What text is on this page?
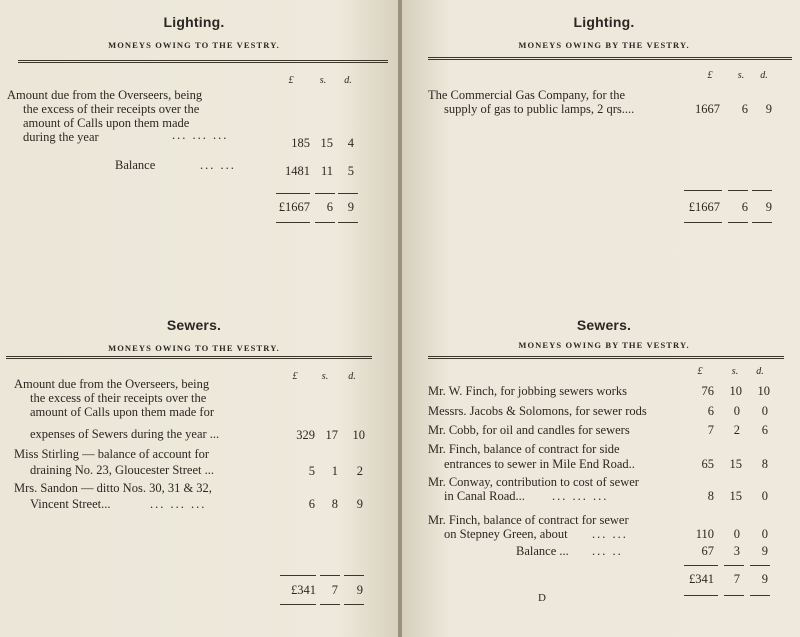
Lighting.
MONEYS OWING TO THE VESTRY.
£	s.	d.
Amount due from the Overseers, being
the excess of their receipts over the
amount of Calls upon them made
during the year	... ... ...
185 15	4
Balance	... ...	1481 11	5
£1667	6	9
Sewers.
MONEYS OWING TO THE VESTRY.
£	s.	d.
Amount due from the Overseers, being
the excess of their receipts over the
amount of Calls upon them made for
expenses of Sewers during the year ...	329 17	10
Miss Stirling — balance of account for
draining No. 23, Gloucester Street ...	5	1	2
Mrs. Sandon — ditto Nos. 30, 31 & 32,
Vincent Street...	... ... ...	6	8	9
£341	7	9
Lighting.
MONEYS OWING BY THE VESTRY.
£	s.	d.
The Commercial Gas Company, for the
supply of gas to public lamps, 2 qrs....	1667	6	9
£1667	6	9
Sewers.
MONEYS OWING BY THE VESTRY.
£	s.	d.
Mr. W. Finch, for jobbing sewers works	76	10	10
Messrs. Jacobs & Solomons, for sewer rods	6	0	0
Mr. Cobb, for oil and candles for sewers	7	2	6
Mr. Finch, balance of contract for side
entrances to sewer in Mile End Road..	65	15	8
Mr. Conway, contribution to cost of sewer
in Canal Road... ... ... ...	8	15	0
Mr. Finch, balance of contract for sewer
on Stepney Green, about ... ...	110	0	0
Balance ... ... ..	67	3	9
£341	7	9
D
